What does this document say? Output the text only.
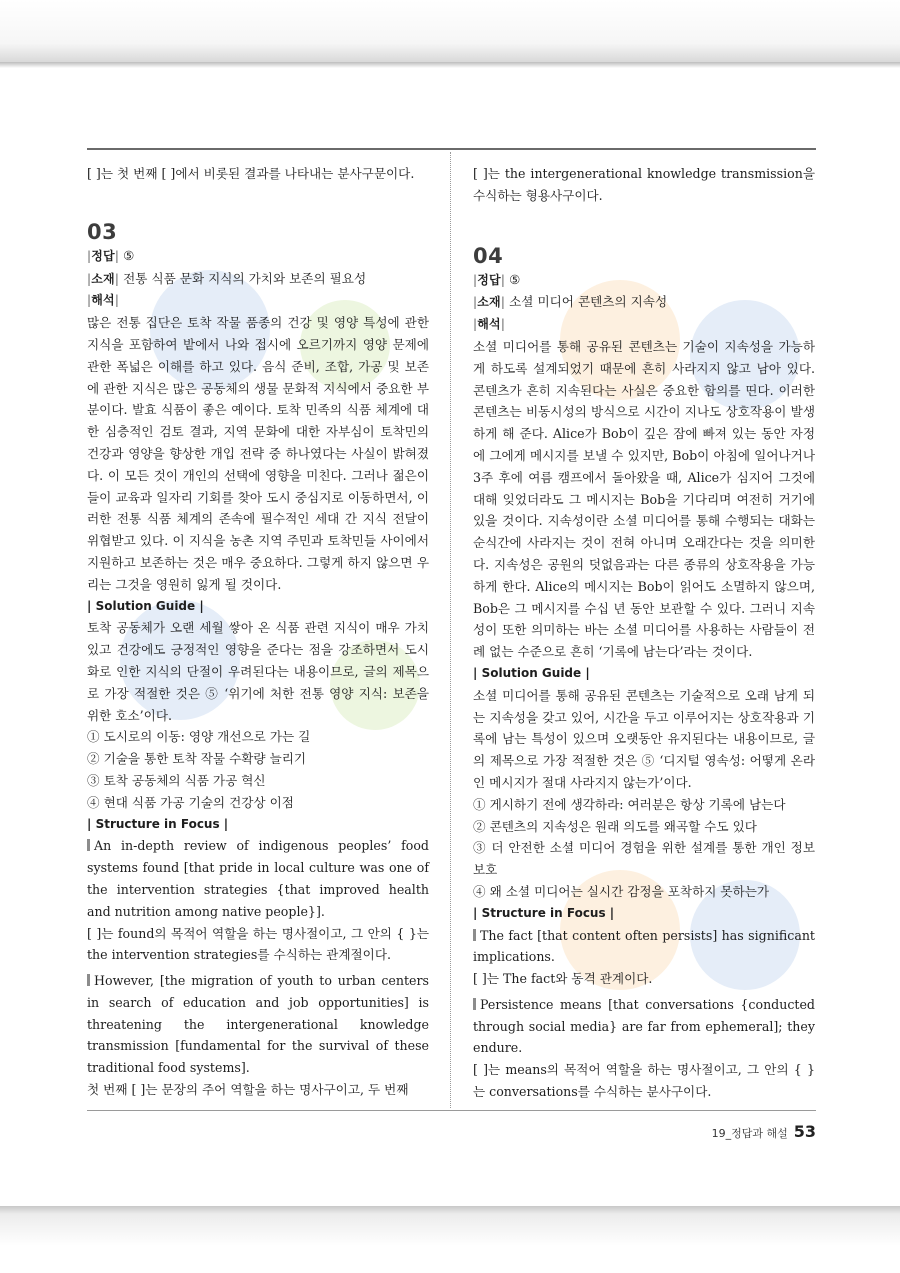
[ ]는 첫 번째 [ ]에서 비롯된 결과를 나타내는 분사구문이다.

03

|정답| ⑤

|소재| 전통 식품 문화 지식의 가치와 보존의 필요성

|해석|

많은 전통 집단은 토착 작물 품종의 건강 및 영양 특성에 관한 지식을 포함하여 밭에서 나와 접시에 오르기까지 영양 문제에 관한 폭넓은 이해를 하고 있다. 음식 준비, 조합, 가공 및 보존에 관한 지식은 많은 공동체의 생물 문화적 지식에서 중요한 부분이다. 발효 식품이 좋은 예이다. 토착 민족의 식품 체계에 대한 심층적인 검토 결과, 지역 문화에 대한 자부심이 토착민의 건강과 영양을 향상한 개입 전략 중 하나였다는 사실이 밝혀졌다. 이 모든 것이 개인의 선택에 영향을 미친다. 그러나 젊은이들이 교육과 일자리 기회를 찾아 도시 중심지로 이동하면서, 이러한 전통 식품 체계의 존속에 필수적인 세대 간 지식 전달이 위협받고 있다. 이 지식을 농촌 지역 주민과 토착민들 사이에서 지원하고 보존하는 것은 매우 중요하다. 그렇게 하지 않으면 우리는 그것을 영원히 잃게 될 것이다.

| Solution Guide |

토착 공동체가 오랜 세월 쌓아 온 식품 관련 지식이 매우 가치 있고 건강에도 긍정적인 영향을 준다는 점을 강조하면서 도시화로 인한 지식의 단절이 우려된다는 내용이므로, 글의 제목으로 가장 적절한 것은 ⑤ ‘위기에 처한 전통 영양 지식: 보존을 위한 호소’이다.

① 도시로의 이동: 영양 개선으로 가는 길

② 기술을 통한 토착 작물 수확량 늘리기

③ 토착 공동체의 식품 가공 혁신

④ 현대 식품 가공 기술의 건강상 이점

| Structure in Focus |

An in-depth review of indigenous peoples’ food systems found [that pride in local culture was one of the intervention strategies {that improved health and nutrition among native people}].

[ ]는 found의 목적어 역할을 하는 명사절이고, 그 안의 { }는 the intervention strategies를 수식하는 관계절이다.

However, [the migration of youth to urban centers in search of education and job opportunities] is threatening the intergenerational knowledge transmission [fundamental for the survival of these traditional food systems].

첫 번째 [ ]는 문장의 주어 역할을 하는 명사구이고, 두 번째

[ ]는 the intergenerational knowledge transmission을 수식하는 형용사구이다.

04

|정답| ⑤

|소재| 소셜 미디어 콘텐츠의 지속성

|해석|

소셜 미디어를 통해 공유된 콘텐츠는 기술이 지속성을 가능하게 하도록 설계되었기 때문에 흔히 사라지지 않고 남아 있다. 콘텐츠가 흔히 지속된다는 사실은 중요한 함의를 띤다. 이러한 콘텐츠는 비동시성의 방식으로 시간이 지나도 상호작용이 발생하게 해 준다. Alice가 Bob이 깊은 잠에 빠져 있는 동안 자정에 그에게 메시지를 보낼 수 있지만, Bob이 아침에 일어나거나 3주 후에 여름 캠프에서 돌아왔을 때, Alice가 심지어 그것에 대해 잊었더라도 그 메시지는 Bob을 기다리며 여전히 거기에 있을 것이다. 지속성이란 소셜 미디어를 통해 수행되는 대화는 순식간에 사라지는 것이 전혀 아니며 오래간다는 것을 의미한다. 지속성은 공원의 덧없음과는 다른 종류의 상호작용을 가능하게 한다. Alice의 메시지는 Bob이 읽어도 소멸하지 않으며, Bob은 그 메시지를 수십 년 동안 보관할 수 있다. 그러니 지속성이 또한 의미하는 바는 소셜 미디어를 사용하는 사람들이 전례 없는 수준으로 흔히 ‘기록에 남는다’라는 것이다.

| Solution Guide |

소셜 미디어를 통해 공유된 콘텐츠는 기술적으로 오래 남게 되는 지속성을 갖고 있어, 시간을 두고 이루어지는 상호작용과 기록에 남는 특성이 있으며 오랫동안 유지된다는 내용이므로, 글의 제목으로 가장 적절한 것은 ⑤ ‘디지털 영속성: 어떻게 온라인 메시지가 절대 사라지지 않는가’이다.

① 게시하기 전에 생각하라: 여러분은 항상 기록에 남는다

② 콘텐츠의 지속성은 원래 의도를 왜곡할 수도 있다

③ 더 안전한 소셜 미디어 경험을 위한 설계를 통한 개인 정보 보호

④ 왜 소셜 미디어는 실시간 감정을 포착하지 못하는가

| Structure in Focus |

The fact [that content often persists] has significant implications.

[ ]는 The fact와 동격 관계이다.

Persistence means [that conversations {conducted through social media} are far from ephemeral]; they endure.

[ ]는 means의 목적어 역할을 하는 명사절이고, 그 안의 { }는 conversations를 수식하는 분사구이다.

19_정답과 해설 53
